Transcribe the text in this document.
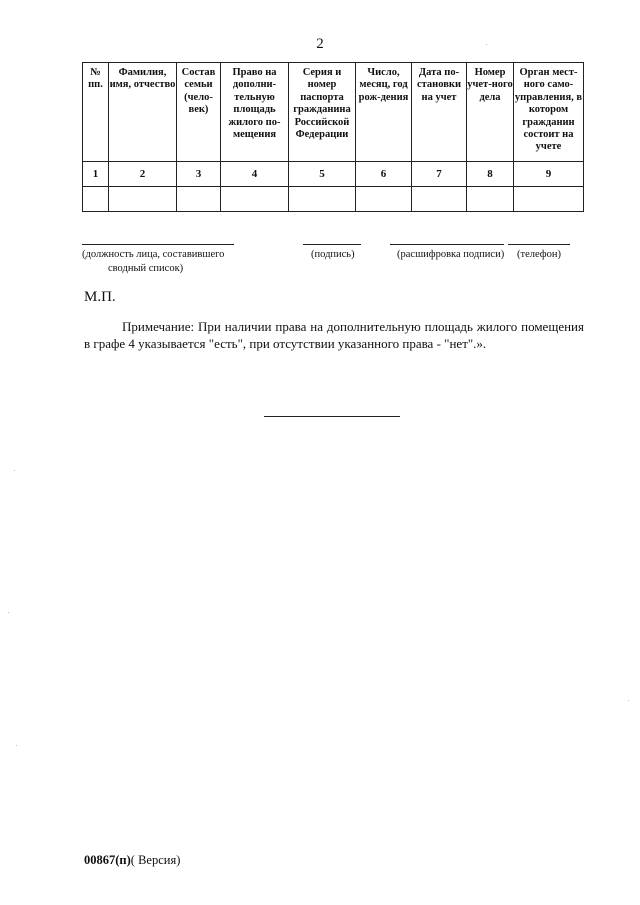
2
№ пп.	Фамилия, имя, отчество	Состав семьи (чело-век)	Право на дополни-тельную площадь жилого по-мещения	Серия и номер паспорта гражданина Российской Федерации	Число, месяц, год рож-дения	Дата по-становки на учет	Номер учет-ного дела	Орган мест-ного само-управления, в котором гражданин состоит на учете
1	2	3	4	5	6	7	8	9

(должность лица, составившего
сводный список)
(подпись)	(расшифровка подписи) (телефон)
М.П.
Примечание: При наличии права на дополнительную площадь жилого помещения в графе 4 указывается "есть", при отсутствии указанного права - "нет".».
00867(п)( Версия)
